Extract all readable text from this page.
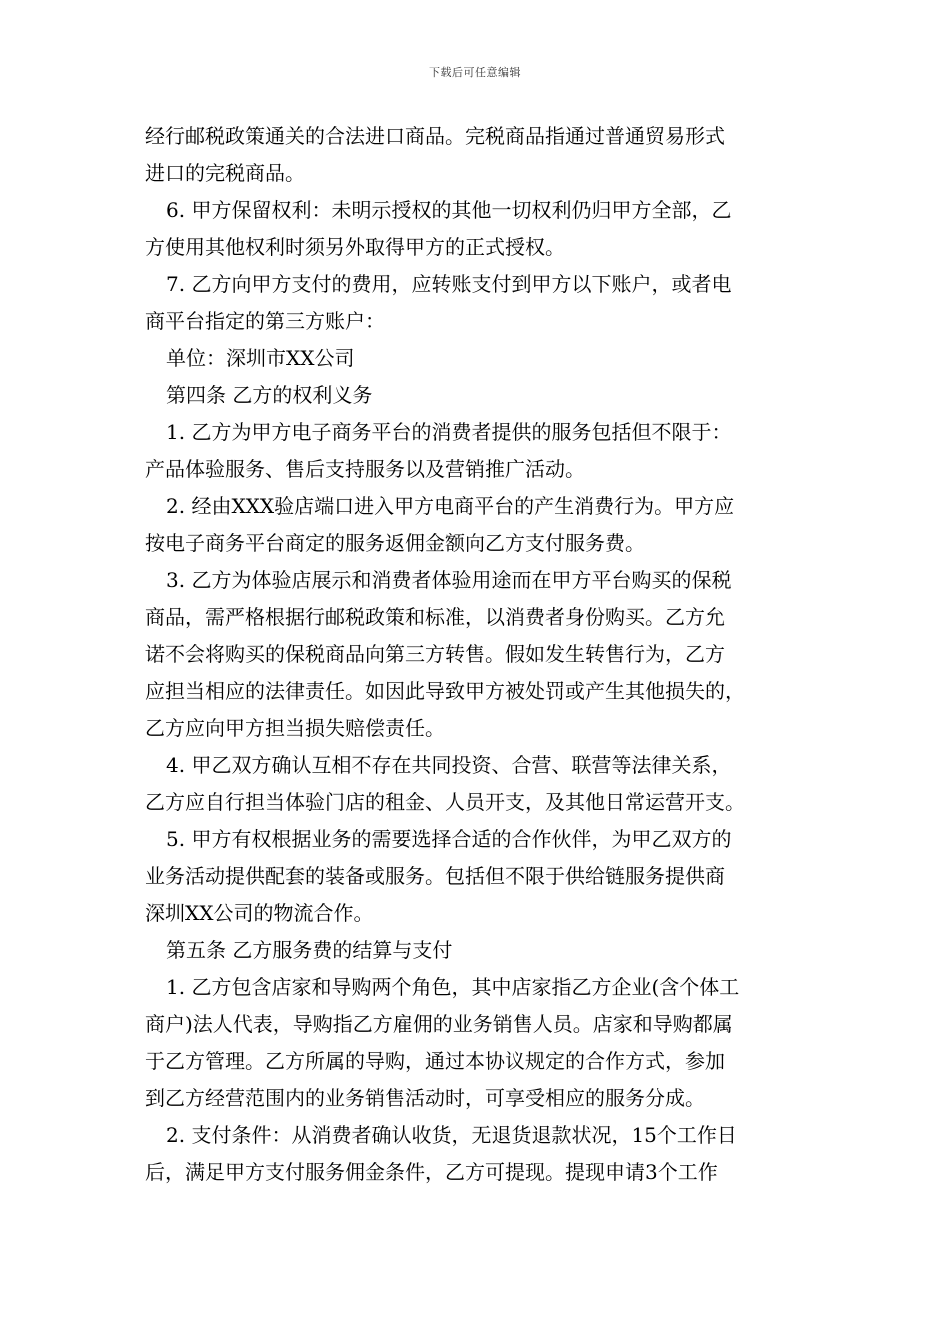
下载后可任意编辑
经行邮税政策通关的合法进口商品。完税商品指通过普通贸易形式
进口的完税商品。
6. 甲方保留权利：未明示授权的其他一切权利仍归甲方全部，乙
方使用其他权利时须另外取得甲方的正式授权。
7. 乙方向甲方支付的费用，应转账支付到甲方以下账户，或者电
商平台指定的第三方账户：
单位：深圳市XX公司
第四条 乙方的权利义务
1. 乙方为甲方电子商务平台的消费者提供的服务包括但不限于：
产品体验服务、售后支持服务以及营销推广活动。
2. 经由XXX验店端口进入甲方电商平台的产生消费行为。甲方应
按电子商务平台商定的服务返佣金额向乙方支付服务费。
3. 乙方为体验店展示和消费者体验用途而在甲方平台购买的保税
商品，需严格根据行邮税政策和标准，以消费者身份购买。乙方允
诺不会将购买的保税商品向第三方转售。假如发生转售行为，乙方
应担当相应的法律责任。如因此导致甲方被处罚或产生其他损失的，
乙方应向甲方担当损失赔偿责任。
4. 甲乙双方确认互相不存在共同投资、合营、联营等法律关系，
乙方应自行担当体验门店的租金、人员开支，及其他日常运营开支。
5. 甲方有权根据业务的需要选择合适的合作伙伴，为甲乙双方的
业务活动提供配套的装备或服务。包括但不限于供给链服务提供商
深圳XX公司的物流合作。
第五条 乙方服务费的结算与支付
1. 乙方包含店家和导购两个角色，其中店家指乙方企业(含个体工
商户)法人代表，导购指乙方雇佣的业务销售人员。店家和导购都属
于乙方管理。乙方所属的导购，通过本协议规定的合作方式，参加
到乙方经营范围内的业务销售活动时，可享受相应的服务分成。
2. 支付条件：从消费者确认收货，无退货退款状况，15个工作日
后，满足甲方支付服务佣金条件，乙方可提现。提现申请3个工作
